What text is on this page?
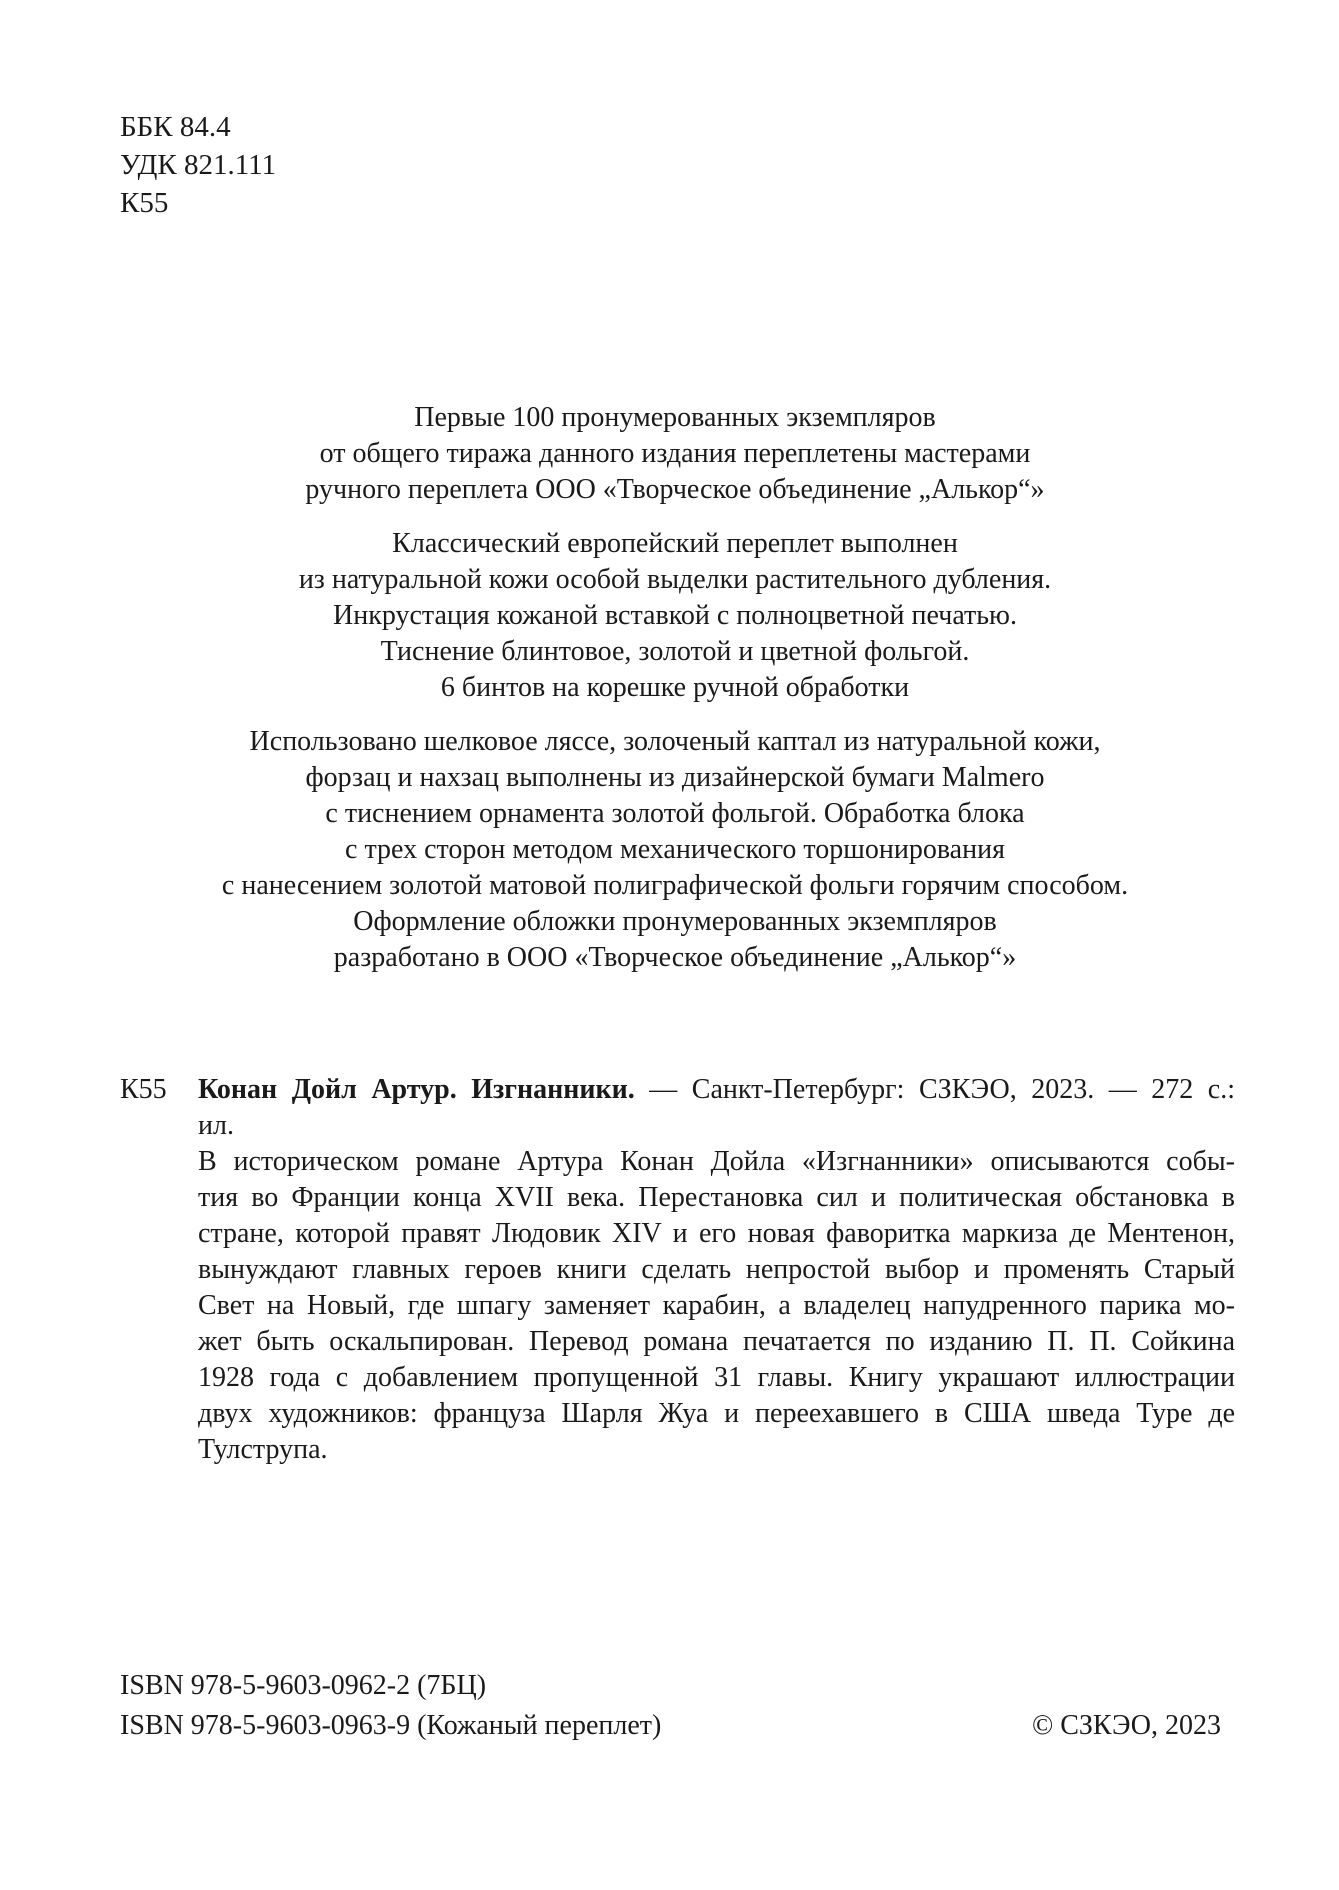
ББК 84.4
УДК 821.111
К55
Первые 100 пронумерованных экземпляров
от общего тиража данного издания переплетены мастерами
ручного переплета ООО «Творческое объединение „Алькор“»
Классический европейский переплет выполнен
из натуральной кожи особой выделки растительного дубления.
Инкрустация кожаной вставкой с полноцветной печатью.
Тиснение блинтовое, золотой и цветной фольгой.
6 бинтов на корешке ручной обработки
Использовано шелковое ляссе, золоченый каптал из натуральной кожи,
форзац и нахзац выполнены из дизайнерской бумаги Malmero
с тиснением орнамента золотой фольгой. Обработка блока
с трех сторон методом механического торшонирования
с нанесением золотой матовой полиграфической фольги горячим способом.
Оформление обложки пронумерованных экземпляров
разработано в ООО «Творческое объединение „Алькор“»
К55 Конан Дойл Артур. Изгнанники. — Санкт-Петербург: СЗКЭО, 2023. — 272 с.:
ил.
В историческом романе Артура Конан Дойла «Изгнанники» описываются собы-
тия во Франции конца XVII века. Перестановка сил и политическая обстановка в
стране, которой правят Людовик XIV и его новая фаворитка маркиза де Ментенон,
вынуждают главных героев книги сделать непростой выбор и променять Старый
Свет на Новый, где шпагу заменяет карабин, а владелец напудренного парика мо-
жет быть оскальпирован. Перевод романа печатается по изданию П. П. Сойкина
1928 года с добавлением пропущенной 31 главы. Книгу украшают иллюстрации
двух художников: француза Шарля Жуа и переехавшего в США шведа Туре де
Тулструпа.
ISBN 978-5-9603-0962-2 (7БЦ)
ISBN 978-5-9603-0963-9 (Кожаный переплет)	© СЗКЭО, 2023
